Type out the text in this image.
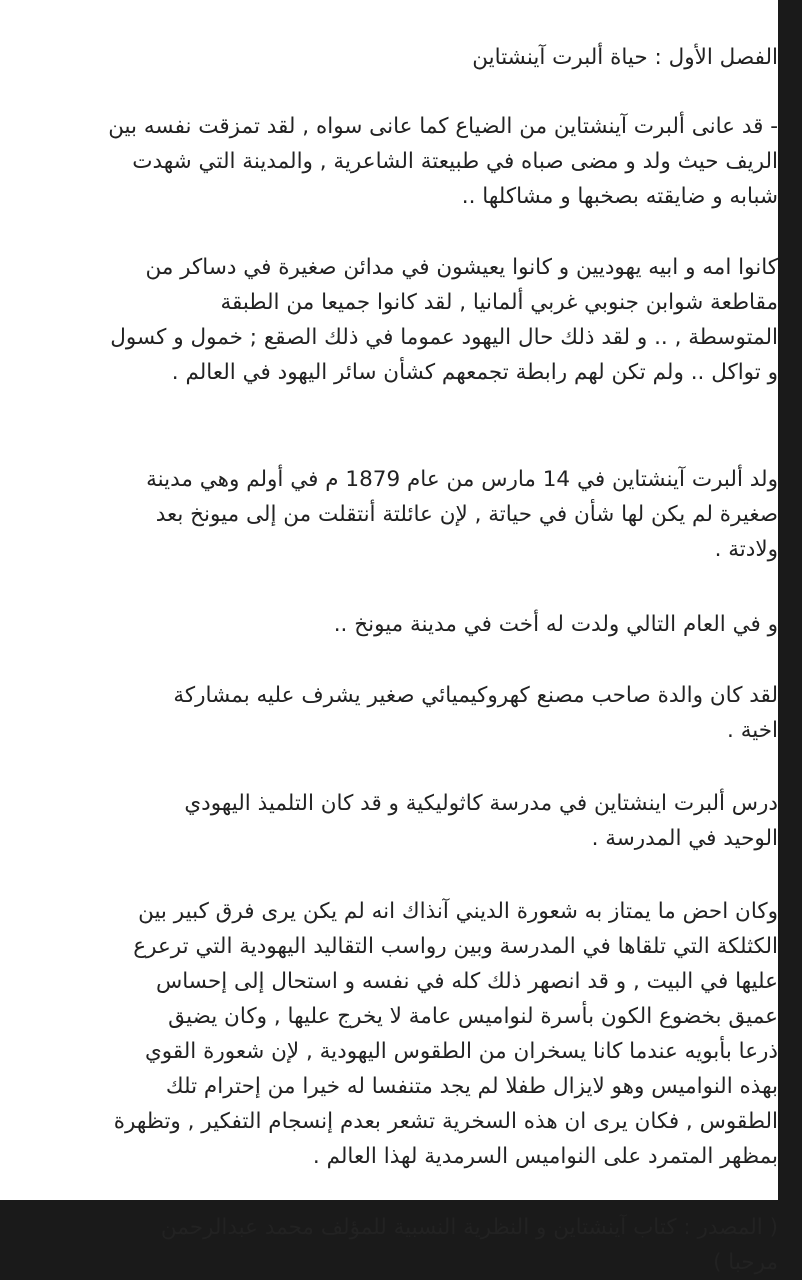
الفصل الأول : حياة ألبرت آينشتاين

- قد عانى ألبرت آينشتاين من الضياع كما عانى سواه , لقد تمزقت نفسه بين
الريف حيث ولد و مضى صباه في طبيعتة الشاعرية , والمدينة التي شهدت
شبابه و ضايقته بصخبها و مشاكلها ..

كانوا امه و ابيه يهوديين و كانوا يعيشون في مدائن صغيرة في دساكر من
مقاطعة شوابن جنوبي غربي ألمانيا , لقد كانوا جميعا من الطبقة
المتوسطة , .. و لقد ذلك حال اليهود عموما في ذلك الصقع ; خمول و كسول
و تواكل .. ولم تكن لهم رابطة تجمعهم كشأن سائر اليهود في العالم .

ولد ألبرت آينشتاين في 14 مارس من عام 1879 م في أولم وهي مدينة
صغيرة لم يكن لها شأن في حياتة , لإن عائلتة أنتقلت من إلى ميونخ بعد
ولادتة .

و في العام التالي ولدت له أخت في مدينة ميونخ ..

لقد كان والدة صاحب مصنع كهروكيميائي صغير يشرف عليه بمشاركة
اخية .

درس ألبرت اينشتاين في مدرسة كاثوليكية و قد كان التلميذ اليهودي
الوحيد في المدرسة .

وكان احض ما يمتاز به شعورة الديني آنذاك انه لم يكن يرى فرق كبير بين
الكثلكة التي تلقاها في المدرسة وبين رواسب التقاليد اليهودية التي ترعرع
عليها في البيت , و قد انصهر ذلك كله في نفسه و استحال إلى إحساس
عميق بخضوع الكون بأسرة لنواميس عامة لا يخرج عليها , وكان يضيق
ذرعا بأبويه عندما كانا يسخران من الطقوس اليهودية , لإن شعورة القوي
بهذه النواميس وهو لايزال طفلا لم يجد متنفسا له خيرا من إحترام تلك
الطقوس , فكان يرى ان هذه السخرية تشعر بعدم إنسجام التفكير , وتظهرة
بمظهر المتمرد على النواميس السرمدية لهذا العالم .

( المصدر : كتاب آينشتاين و النظرية النسبية للمؤلف محمد عبدالرحمن
مرحبا )
